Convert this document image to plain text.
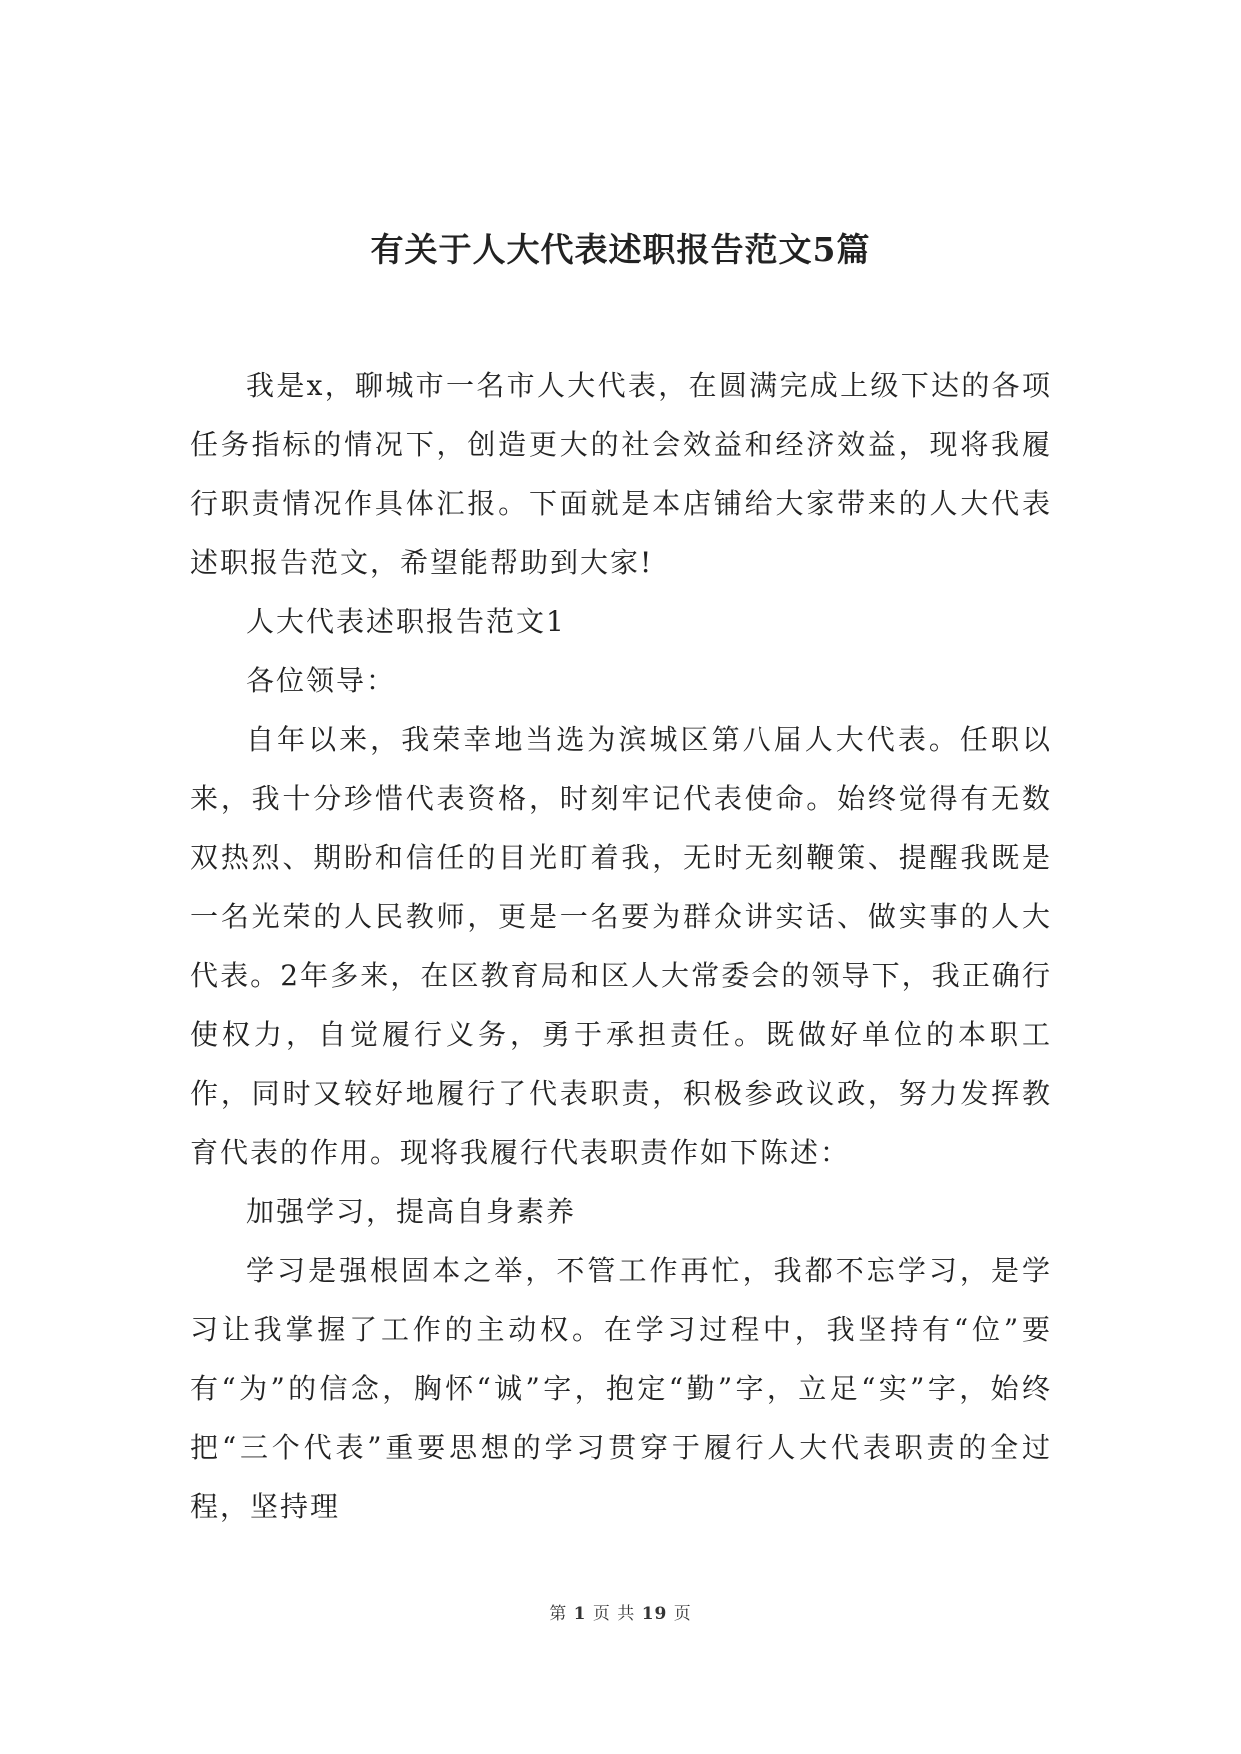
有关于人大代表述职报告范文5篇

我是x，聊城市一名市人大代表，在圆满完成上级下达的各项任务指标的情况下，创造更大的社会效益和经济效益，现将我履行职责情况作具体汇报。下面就是本店铺给大家带来的人大代表述职报告范文，希望能帮助到大家!

人大代表述职报告范文1

各位领导：

自年以来，我荣幸地当选为滨城区第八届人大代表。任职以来，我十分珍惜代表资格，时刻牢记代表使命。始终觉得有无数双热烈、期盼和信任的目光盯着我，无时无刻鞭策、提醒我既是一名光荣的人民教师，更是一名要为群众讲实话、做实事的人大代表。2年多来，在区教育局和区人大常委会的领导下，我正确行使权力，自觉履行义务，勇于承担责任。既做好单位的本职工作，同时又较好地履行了代表职责，积极参政议政，努力发挥教育代表的作用。现将我履行代表职责作如下陈述：

加强学习，提高自身素养

学习是强根固本之举，不管工作再忙，我都不忘学习，是学习让我掌握了工作的主动权。在学习过程中，我坚持有“位”要有“为”的信念，胸怀“诚”字，抱定“勤”字，立足“实”字，始终把“三个代表”重要思想的学习贯穿于履行人大代表职责的全过程，坚持理

第 1 页 共 19 页
